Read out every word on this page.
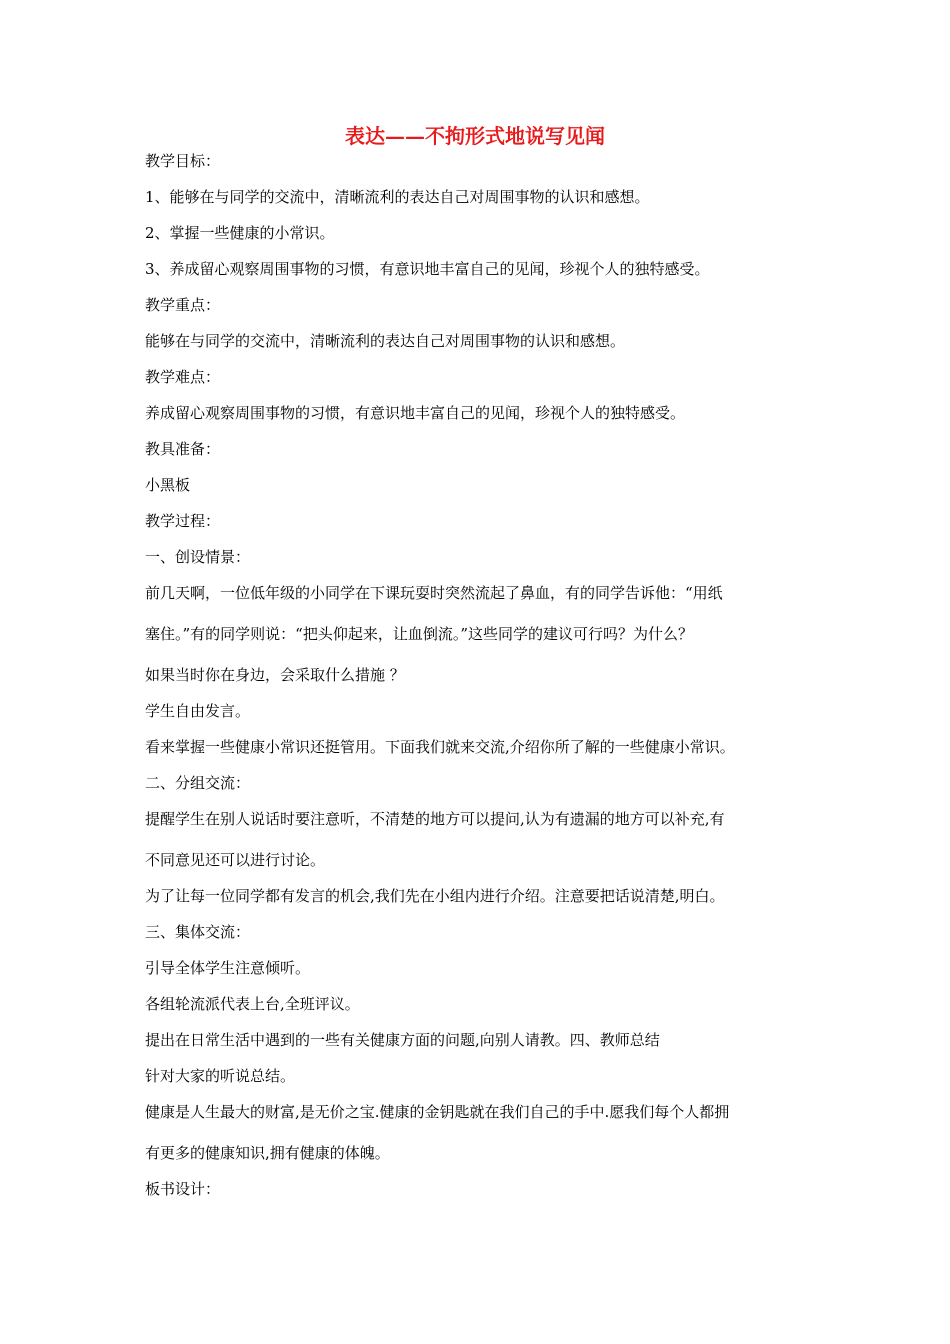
表达——不拘形式地说写见闻
教学目标：
1、能够在与同学的交流中，清晰流利的表达自己对周围事物的认识和感想。
2、掌握一些健康的小常识。
3、养成留心观察周围事物的习惯，有意识地丰富自己的见闻，珍视个人的独特感受。
教学重点：
能够在与同学的交流中，清晰流利的表达自己对周围事物的认识和感想。
教学难点：
养成留心观察周围事物的习惯，有意识地丰富自己的见闻，珍视个人的独特感受。
教具准备：
小黑板
教学过程：
一、创设情景：
前几天啊，一位低年级的小同学在下课玩耍时突然流起了鼻血，有的同学告诉他：“用纸
塞住。”有的同学则说：“把头仰起来，让血倒流。”这些同学的建议可行吗？为什么？
如果当时你在身边，会采取什么措施 ？
学生自由发言。
看来掌握一些健康小常识还挺管用。下面我们就来交流,介绍你所了解的一些健康小常识。
二、分组交流：
提醒学生在别人说话时要注意听，不清楚的地方可以提问,认为有遗漏的地方可以补充,有
不同意见还可以进行讨论。
为了让每一位同学都有发言的机会,我们先在小组内进行介绍。注意要把话说清楚,明白。
三、集体交流：
引导全体学生注意倾听。
各组轮流派代表上台,全班评议。
提出在日常生活中遇到的一些有关健康方面的问题,向别人请教。四、教师总结
针对大家的听说总结。
健康是人生最大的财富,是无价之宝.健康的金钥匙就在我们自己的手中.愿我们每个人都拥
有更多的健康知识,拥有健康的体魄。
板书设计：
